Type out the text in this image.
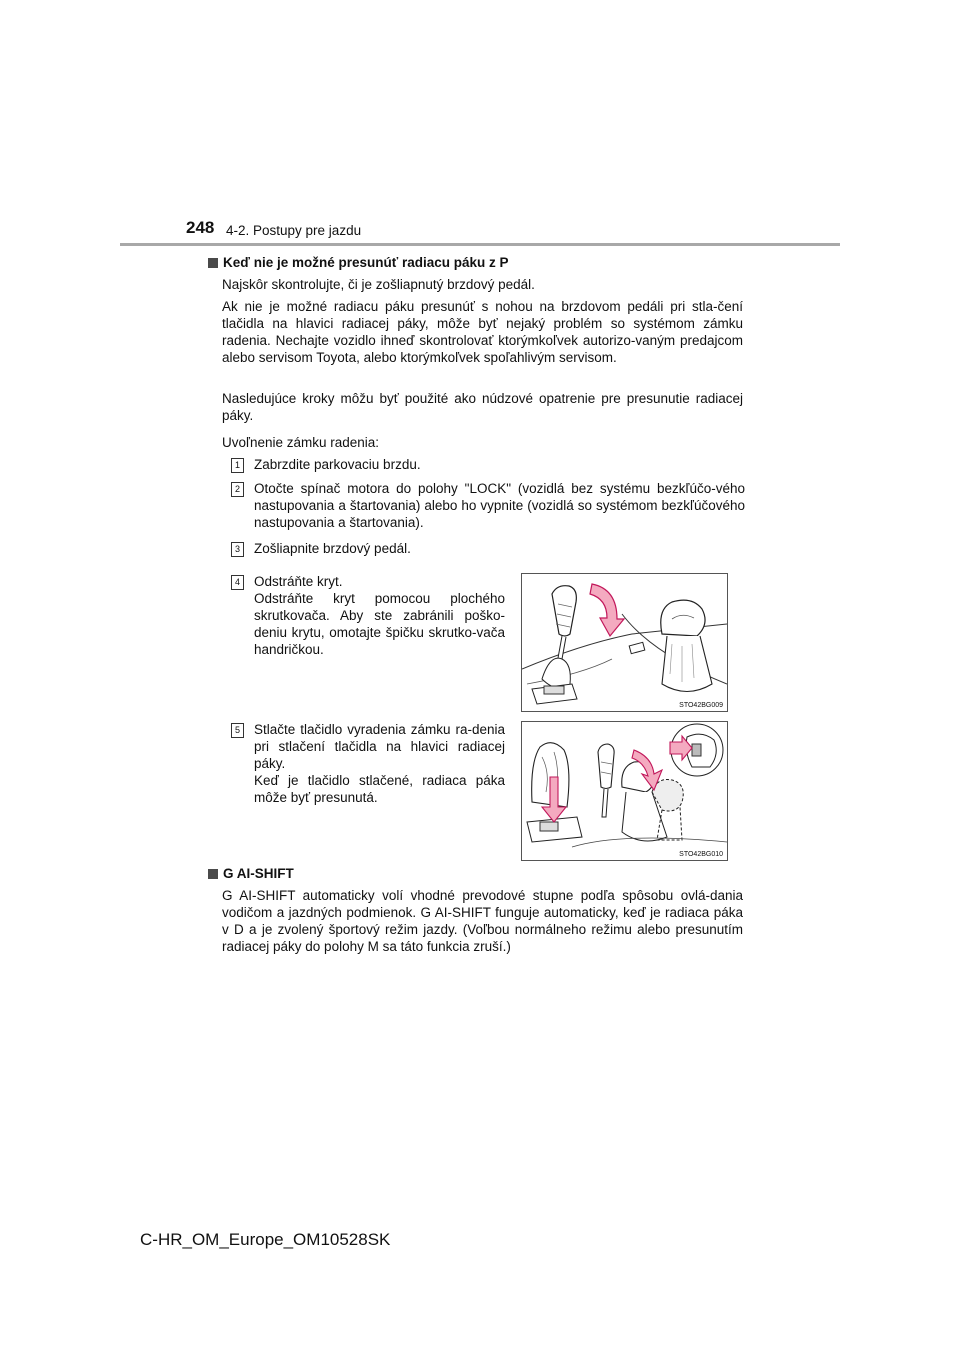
248 4-2. Postupy pre jazdu
Keď nie je možné presunúť radiacu páku z P
Najskôr skontrolujte, či je zošliapnutý brzdový pedál.
Ak nie je možné radiacu páku presunúť s nohou na brzdovom pedáli pri stla-čení tlačidla na hlavici radiacej páky, môže byť nejaký problém so systémom zámku radenia. Nechajte vozidlo ihneď skontrolovať ktorýmkoľvek autorizo-vaným predajcom alebo servisom Toyota, alebo ktorýmkoľvek spoľahlivým servisom.
Nasledujúce kroky môžu byť použité ako núdzové opatrenie pre presunutie radiacej páky.
Uvoľnenie zámku radenia:
1 Zabrzdite parkovaciu brzdu.
2 Otočte spínač motora do polohy "LOCK" (vozidlá bez systému bezkľúčo-vého nastupovania a štartovania) alebo ho vypnite (vozidlá so systémom bezkľúčového nastupovania a štartovania).
3 Zošliapnite brzdový pedál.
4 Odstráňte kryt.
Odstráňte kryt pomocou plochého skrutkovača. Aby ste zabránili poško-deniu krytu, omotajte špičku skrutko-vača handričkou.
5 Stlačte tlačidlo vyradenia zámku ra-denia pri stlačení tlačidla na hlavici radiacej páky.
Keď je tlačidlo stlačené, radiaca páka môže byť presunutá.
STO42BG009
STO42BG010
G AI-SHIFT
G AI-SHIFT automaticky volí vhodné prevodové stupne podľa spôsobu ovlá-dania vodičom a jazdných podmienok. G AI-SHIFT funguje automaticky, keď je radiaca páka v D a je zvolený športový režim jazdy. (Voľbou normálneho režimu alebo presunutím radiacej páky do polohy M sa táto funkcia zruší.)
C-HR_OM_Europe_OM10528SK
